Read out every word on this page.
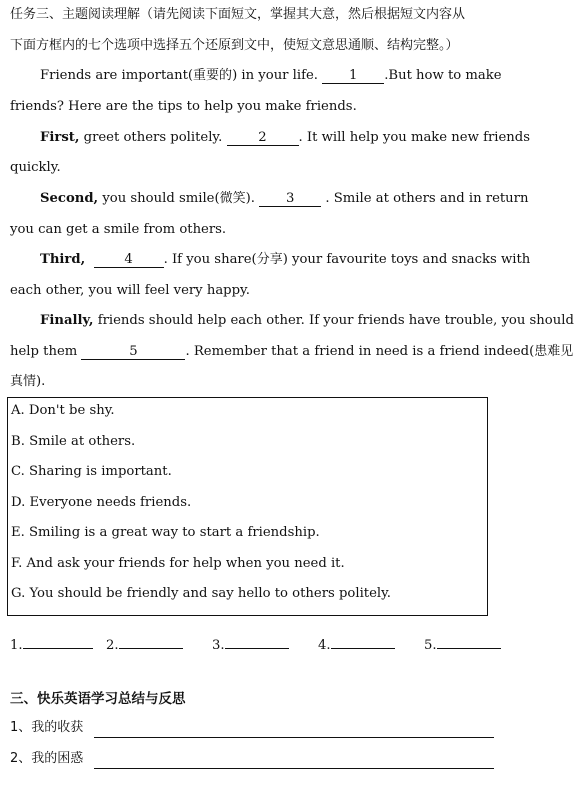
任务三、主题阅读理解（请先阅读下面短文，掌握其大意，然后根据短文内容从
下面方框内的七个选项中选择五个还原到文中，使短文意思通顺、结构完整。）
Friends are important(重要的) in your life. 1 .But how to make
friends? Here are the tips to help you make friends.
First, greet others politely. 2 . It will help you make new friends
quickly.
Second, you should smile(微笑). 3 . Smile at others and in return
you can get a smile from others.
Third,	4 . If you share(分享) your favourite toys and snacks with
each other, you will feel very happy.
Finally, friends should help each other. If your friends have trouble, you should
help them	5	. Remember that a friend in need is a friend indeed(患难见
真情).
A. Don't be shy.
B. Smile at others.
C. Sharing is important.
D. Everyone needs friends.
E. Smiling is a great way to start a friendship.
F. And ask your friends for help when you need it.
G. You should be friendly and say hello to others politely.
1.	2.	3.	4.	5.
三、快乐英语学习总结与反思
1、我的收获
2、我的困惑
